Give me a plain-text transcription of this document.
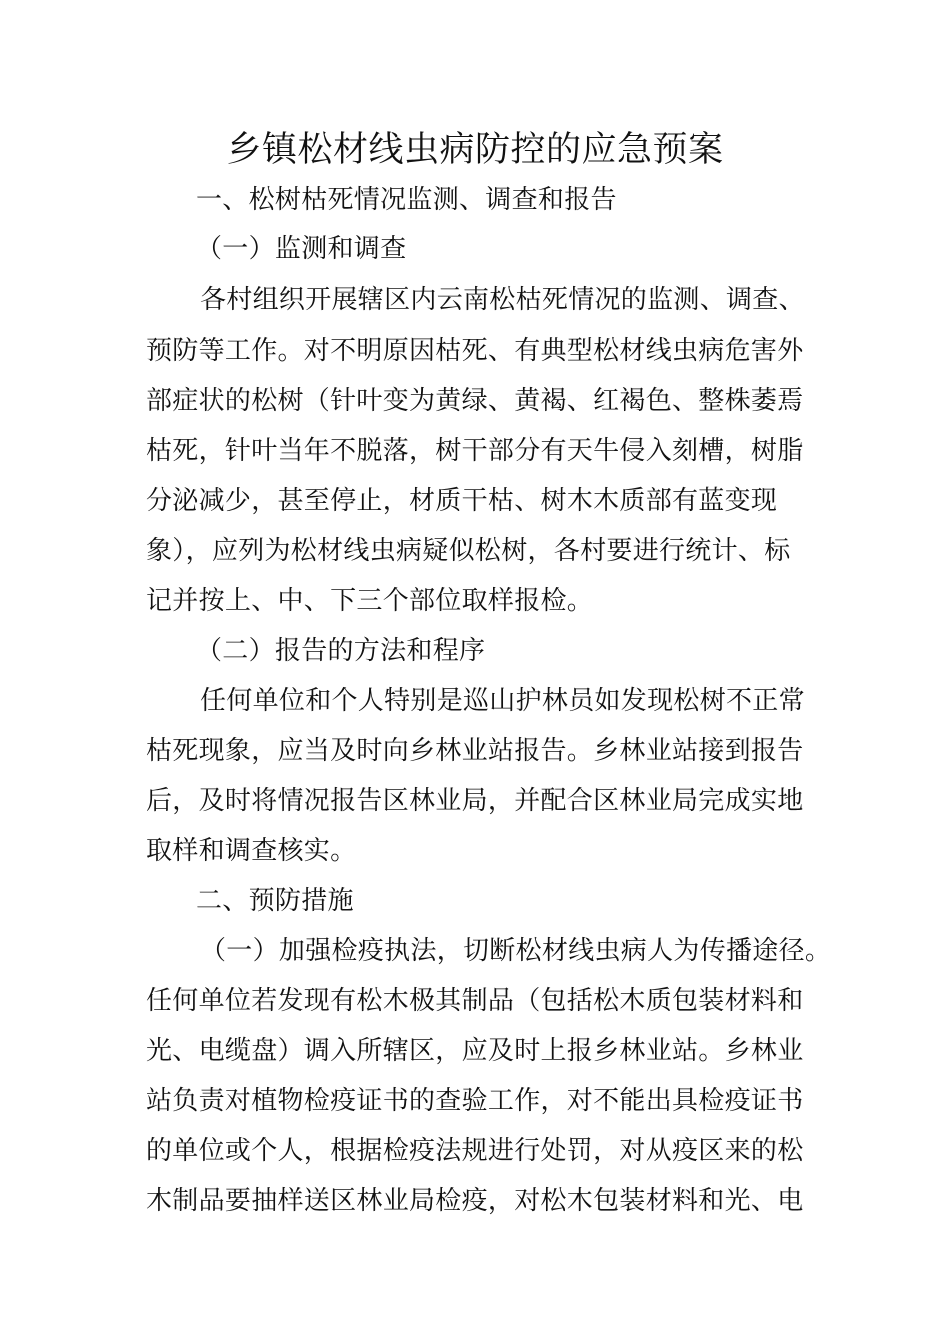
乡镇松材线虫病防控的应急预案
一、松树枯死情况监测、调查和报告
（一）监测和调查
各村组织开展辖区内云南松枯死情况的监测、调查、
预防等工作。对不明原因枯死、有典型松材线虫病危害外
部症状的松树（针叶变为黄绿、黄褐、红褐色、整株萎焉
枯死，针叶当年不脱落，树干部分有天牛侵入刻槽，树脂
分泌减少，甚至停止，材质干枯、树木木质部有蓝变现
象），应列为松材线虫病疑似松树，各村要进行统计、标
记并按上、中、下三个部位取样报检。
（二）报告的方法和程序
任何单位和个人特别是巡山护林员如发现松树不正常
枯死现象，应当及时向乡林业站报告。乡林业站接到报告
后，及时将情况报告区林业局，并配合区林业局完成实地
取样和调查核实。
二、预防措施
（一）加强检疫执法，切断松材线虫病人为传播途径。
任何单位若发现有松木极其制品（包括松木质包装材料和
光、电缆盘）调入所辖区，应及时上报乡林业站。乡林业
站负责对植物检疫证书的查验工作，对不能出具检疫证书
的单位或个人，根据检疫法规进行处罚，对从疫区来的松
木制品要抽样送区林业局检疫，对松木包装材料和光、电
